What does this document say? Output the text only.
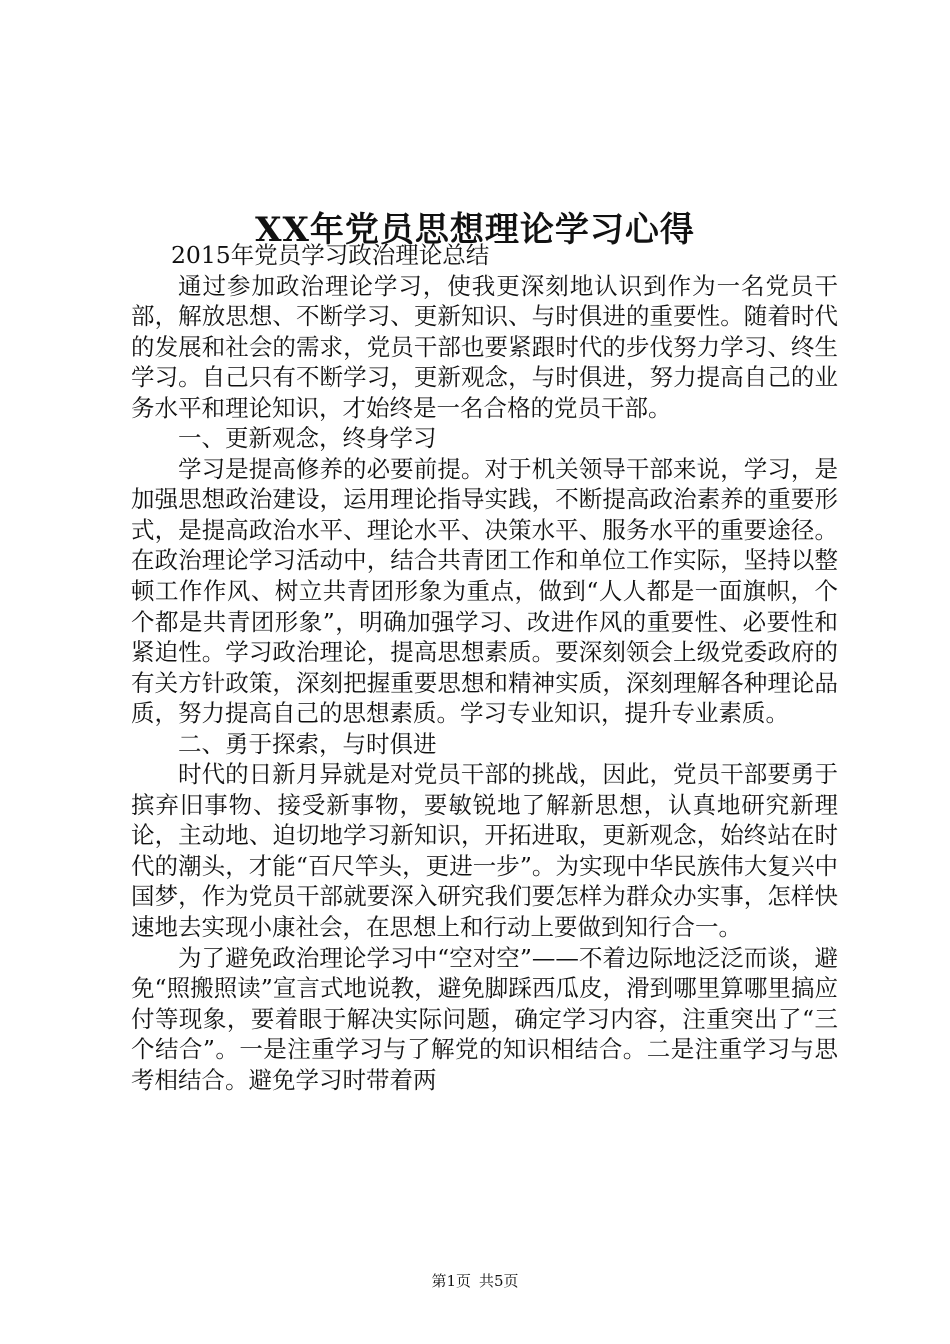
XX年党员思想理论学习心得

2015年党员学习政治理论总结

通过参加政治理论学习，使我更深刻地认识到作为一名党员干部，解放思想、不断学习、更新知识、与时俱进的重要性。随着时代的发展和社会的需求，党员干部也要紧跟时代的步伐努力学习、终生学习。自己只有不断学习，更新观念，与时俱进，努力提高自己的业务水平和理论知识，才始终是一名合格的党员干部。

一、更新观念，终身学习

学习是提高修养的必要前提。对于机关领导干部来说，学习，是加强思想政治建设，运用理论指导实践，不断提高政治素养的重要形式，是提高政治水平、理论水平、决策水平、服务水平的重要途径。在政治理论学习活动中，结合共青团工作和单位工作实际，坚持以整顿工作作风、树立共青团形象为重点，做到“人人都是一面旗帜，个个都是共青团形象”，明确加强学习、改进作风的重要性、必要性和紧迫性。学习政治理论，提高思想素质。要深刻领会上级党委政府的有关方针政策，深刻把握重要思想和精神实质，深刻理解各种理论品质，努力提高自己的思想素质。学习专业知识，提升专业素质。

二、勇于探索，与时俱进

时代的日新月异就是对党员干部的挑战，因此，党员干部要勇于摈弃旧事物、接受新事物，要敏锐地了解新思想，认真地研究新理论，主动地、迫切地学习新知识，开拓进取，更新观念，始终站在时代的潮头，才能“百尺竿头，更进一步”。为实现中华民族伟大复兴中国梦，作为党员干部就要深入研究我们要怎样为群众办实事，怎样快速地去实现小康社会，在思想上和行动上要做到知行合一。

为了避免政治理论学习中“空对空”——不着边际地泛泛而谈，避免“照搬照读”宣言式地说教，避免脚踩西瓜皮，滑到哪里算哪里搞应付等现象，要着眼于解决实际问题，确定学习内容，注重突出了“三个结合”。一是注重学习与了解党的知识相结合。二是注重学习与思考相结合。避免学习时带着两

第1页 共5页
